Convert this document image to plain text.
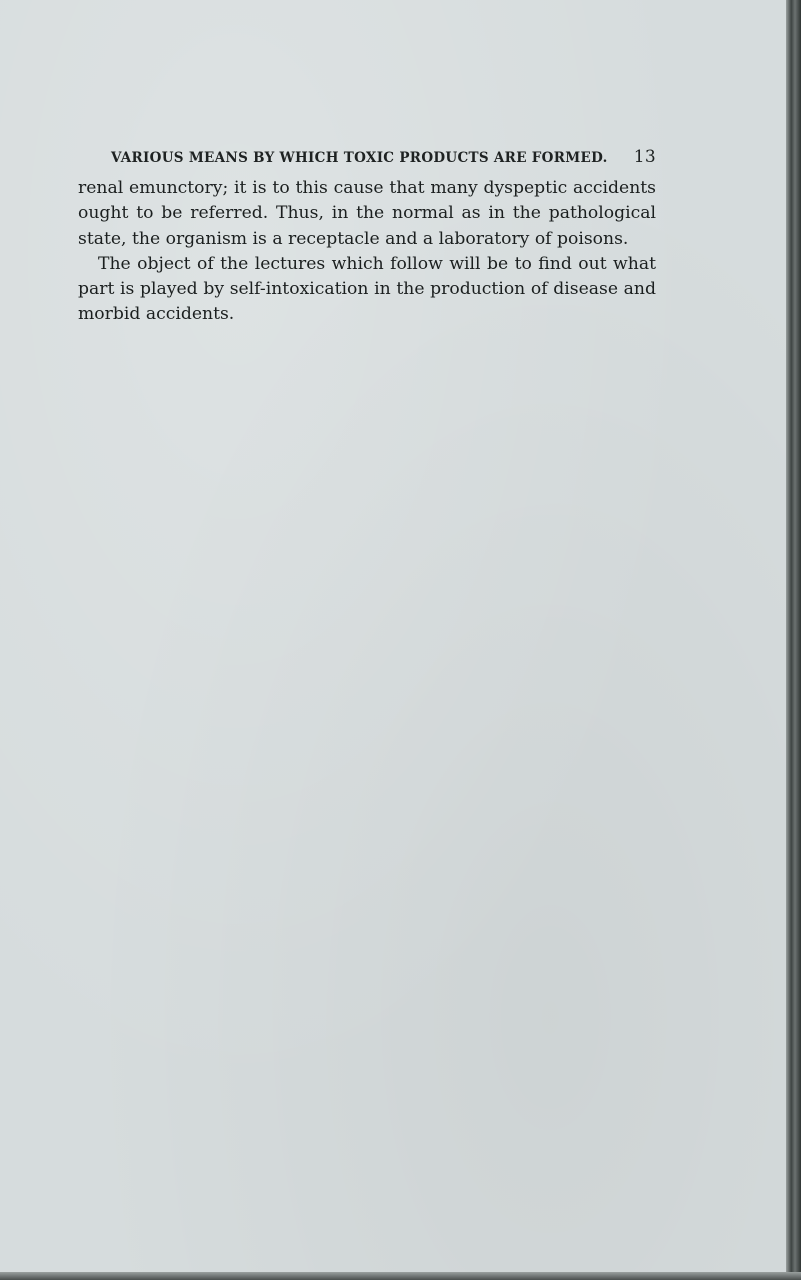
VARIOUS MEANS BY WHICH TOXIC PRODUCTS ARE FORMED. 13

renal emunctory; it is to this cause that many dyspeptic accidents ought to be referred. Thus, in the normal as in the pathological state, the organism is a receptacle and a laboratory of poisons.

The object of the lectures which follow will be to find out what part is played by self-intoxication in the production of disease and morbid accidents.
